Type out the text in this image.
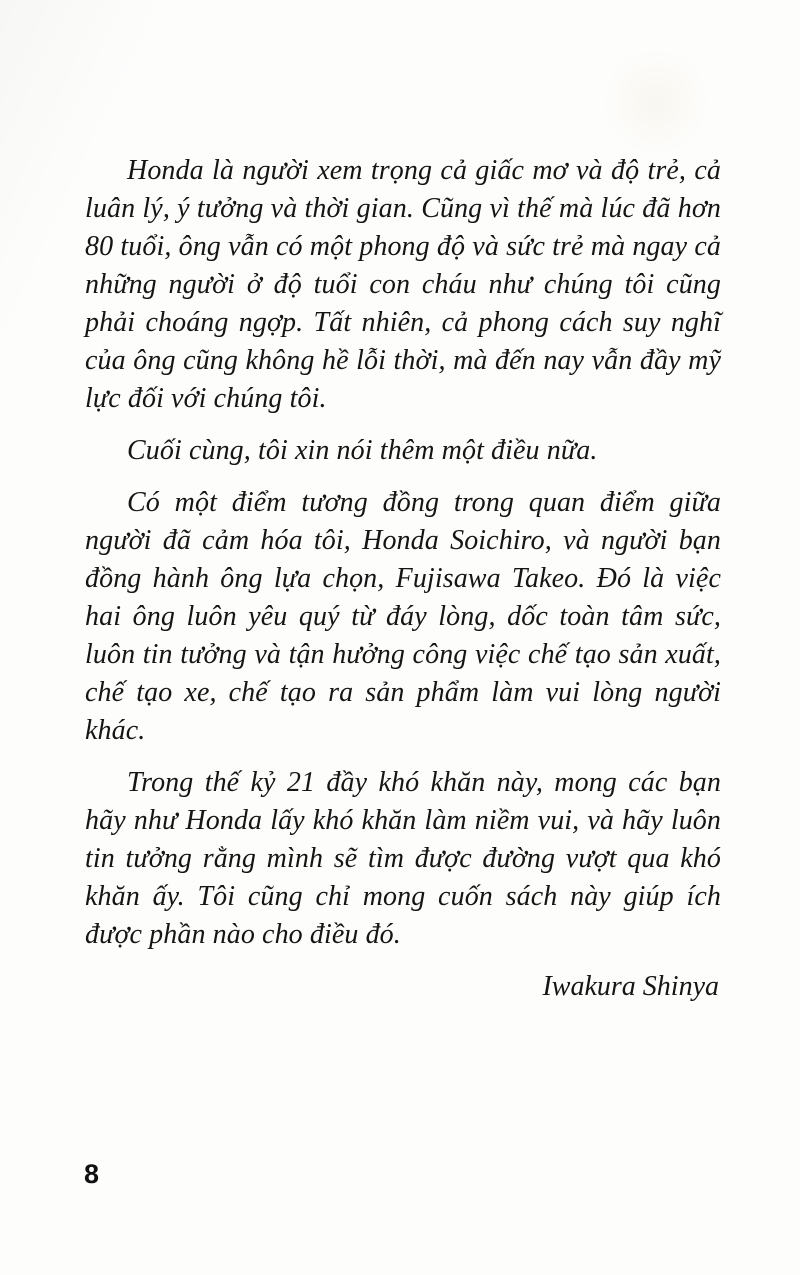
Honda là người xem trọng cả giấc mơ và độ trẻ, cả luân lý, ý tưởng và thời gian. Cũng vì thế mà lúc đã hơn 80 tuổi, ông vẫn có một phong độ và sức trẻ mà ngay cả những người ở độ tuổi con cháu như chúng tôi cũng phải choáng ngợp. Tất nhiên, cả phong cách suy nghĩ của ông cũng không hề lỗi thời, mà đến nay vẫn đầy mỹ lực đối với chúng tôi.

Cuối cùng, tôi xin nói thêm một điều nữa.

Có một điểm tương đồng trong quan điểm giữa người đã cảm hóa tôi, Honda Soichiro, và người bạn đồng hành ông lựa chọn, Fujisawa Takeo. Đó là việc hai ông luôn yêu quý từ đáy lòng, dốc toàn tâm sức, luôn tin tưởng và tận hưởng công việc chế tạo sản xuất, chế tạo xe, chế tạo ra sản phẩm làm vui lòng người khác.

Trong thế kỷ 21 đầy khó khăn này, mong các bạn hãy như Honda lấy khó khăn làm niềm vui, và hãy luôn tin tưởng rằng mình sẽ tìm được đường vượt qua khó khăn ấy. Tôi cũng chỉ mong cuốn sách này giúp ích được phần nào cho điều đó.

Iwakura Shinya
8
